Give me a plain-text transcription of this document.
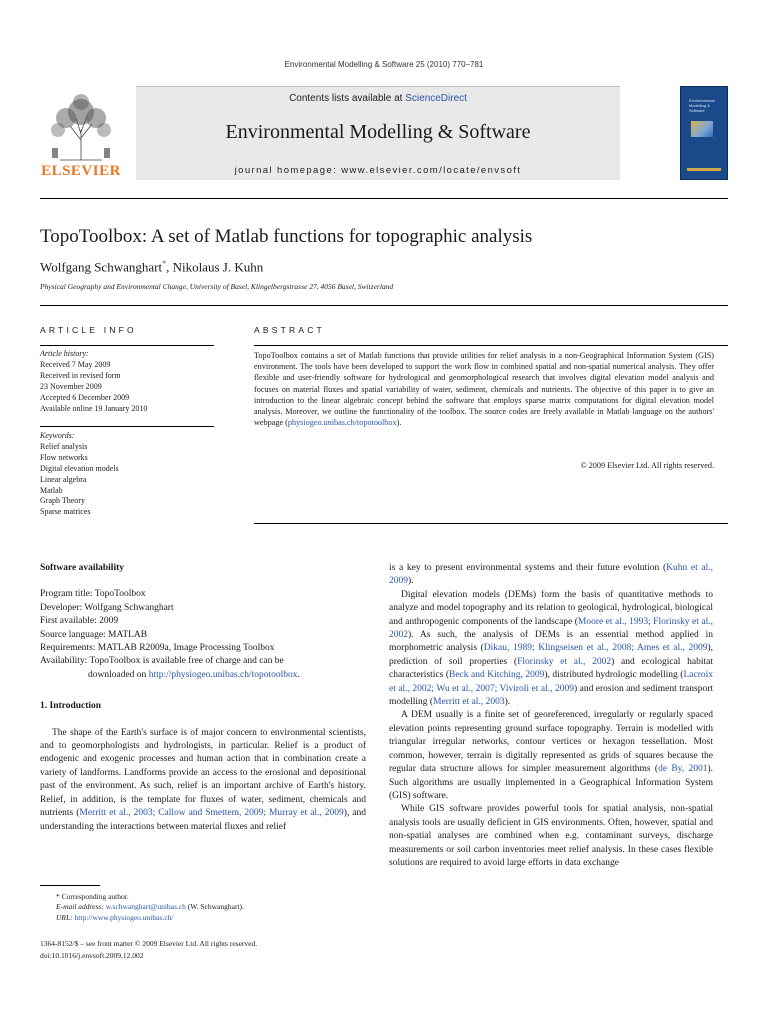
Environmental Modelling & Software 25 (2010) 770–781
ELSEVIER
Contents lists available at ScienceDirect
Environmental Modelling & Software
journal homepage: www.elsevier.com/locate/envsoft
Environmental Modelling & Software
TopoToolbox: A set of Matlab functions for topographic analysis
Wolfgang Schwanghart*, Nikolaus J. Kuhn
Physical Geography and Environmental Change, University of Basel, Klingelbergstrasse 27, 4056 Basel, Switzerland
ARTICLE INFO
Article history:
Received 7 May 2009
Received in revised form
23 November 2009
Accepted 6 December 2009
Available online 19 January 2010
Keywords:
Relief analysis
Flow networks
Digital elevation models
Linear algebra
Matlab
Graph Theory
Sparse matrices
ABSTRACT
TopoToolbox contains a set of Matlab functions that provide utilities for relief analysis in a non-Geographical Information System (GIS) environment. The tools have been developed to support the work flow in combined spatial and non-spatial numerical analysis. They offer flexible and user-friendly software for hydrological and geomorphological research that involves digital elevation model analysis and focuses on material fluxes and spatial variability of water, sediment, chemicals and nutrients. The objective of this paper is to give an introduction to the linear algebraic concept behind the software that employs sparse matrix computations for digital elevation model analysis. Moreover, we outline the functionality of the toolbox. The source codes are freely available in Matlab language on the authors' webpage (physiogeo.unibas.ch/topotoolbox).
© 2009 Elsevier Ltd. All rights reserved.

Software availability

Program title: TopoToolbox

Developer: Wolfgang Schwanghart

First available: 2009

Source language: MATLAB

Requirements: MATLAB R2009a, Image Processing Toolbox

Availability: TopoToolbox is available free of charge and can be

downloaded on http://physiogeo.unibas.ch/topotoolbox.

1. Introduction

The shape of the Earth's surface is of major concern to environmental scientists, and to geomorphologists and hydrologists, in particular. Relief is a product of endogenic and exogenic processes and human action that in combination create a variety of landforms. Landforms provide an access to the erosional and depositional past of the environment. As such, relief is an important archive of Earth's history. Relief, in addition, is the template for fluxes of water, sediment, chemicals and nutrients (Merritt et al., 2003; Callow and Smettem, 2009; Murray et al., 2009), and understanding the interactions between material fluxes and relief

is a key to present environmental systems and their future evolution (Kuhn et al., 2009).

Digital elevation models (DEMs) form the basis of quantitative methods to analyze and model topography and its relation to geological, hydrological, biological and anthropogenic components of the landscape (Moore et al., 1993; Florinsky et al., 2002). As such, the analysis of DEMs is an essential method applied in morphometric analysis (Dikau, 1989; Klingseisen et al., 2008; Ames et al., 2009), prediction of soil properties (Florinsky et al., 2002) and ecological habitat characteristics (Beck and Kitching, 2009), distributed hydrologic modelling (Lacroix et al., 2002; Wu et al., 2007; Viviroli et al., 2009) and erosion and sediment transport modelling (Merritt et al., 2003).

A DEM usually is a finite set of georeferenced, irregularly or regularly spaced elevation points representing ground surface topography. Terrain is modelled with triangular irregular networks, contour vertices or hexagon tessellation. Most common, however, terrain is digitally represented as grids of squares because the regular data structure allows for simpler measurement algorithms (de By, 2001). Such algorithms are usually implemented in a Geographical Information System (GIS) software.

While GIS software provides powerful tools for spatial analysis, non-spatial analysis tools are usually deficient in GIS environments. Often, however, spatial and non-spatial analyses are combined when e.g. contaminant surveys, discharge measurements or soil carbon inventories meet relief analysis. In these cases flexible solutions are required to avoid large efforts in data exchange

* Corresponding author.
E-mail address: w.schwanghart@unibas.ch (W. Schwanghart).
URL: http://www.physiogeo.unibas.ch/
1364-8152/$ – see front matter © 2009 Elsevier Ltd. All rights reserved.
doi:10.1016/j.envsoft.2009.12.002
